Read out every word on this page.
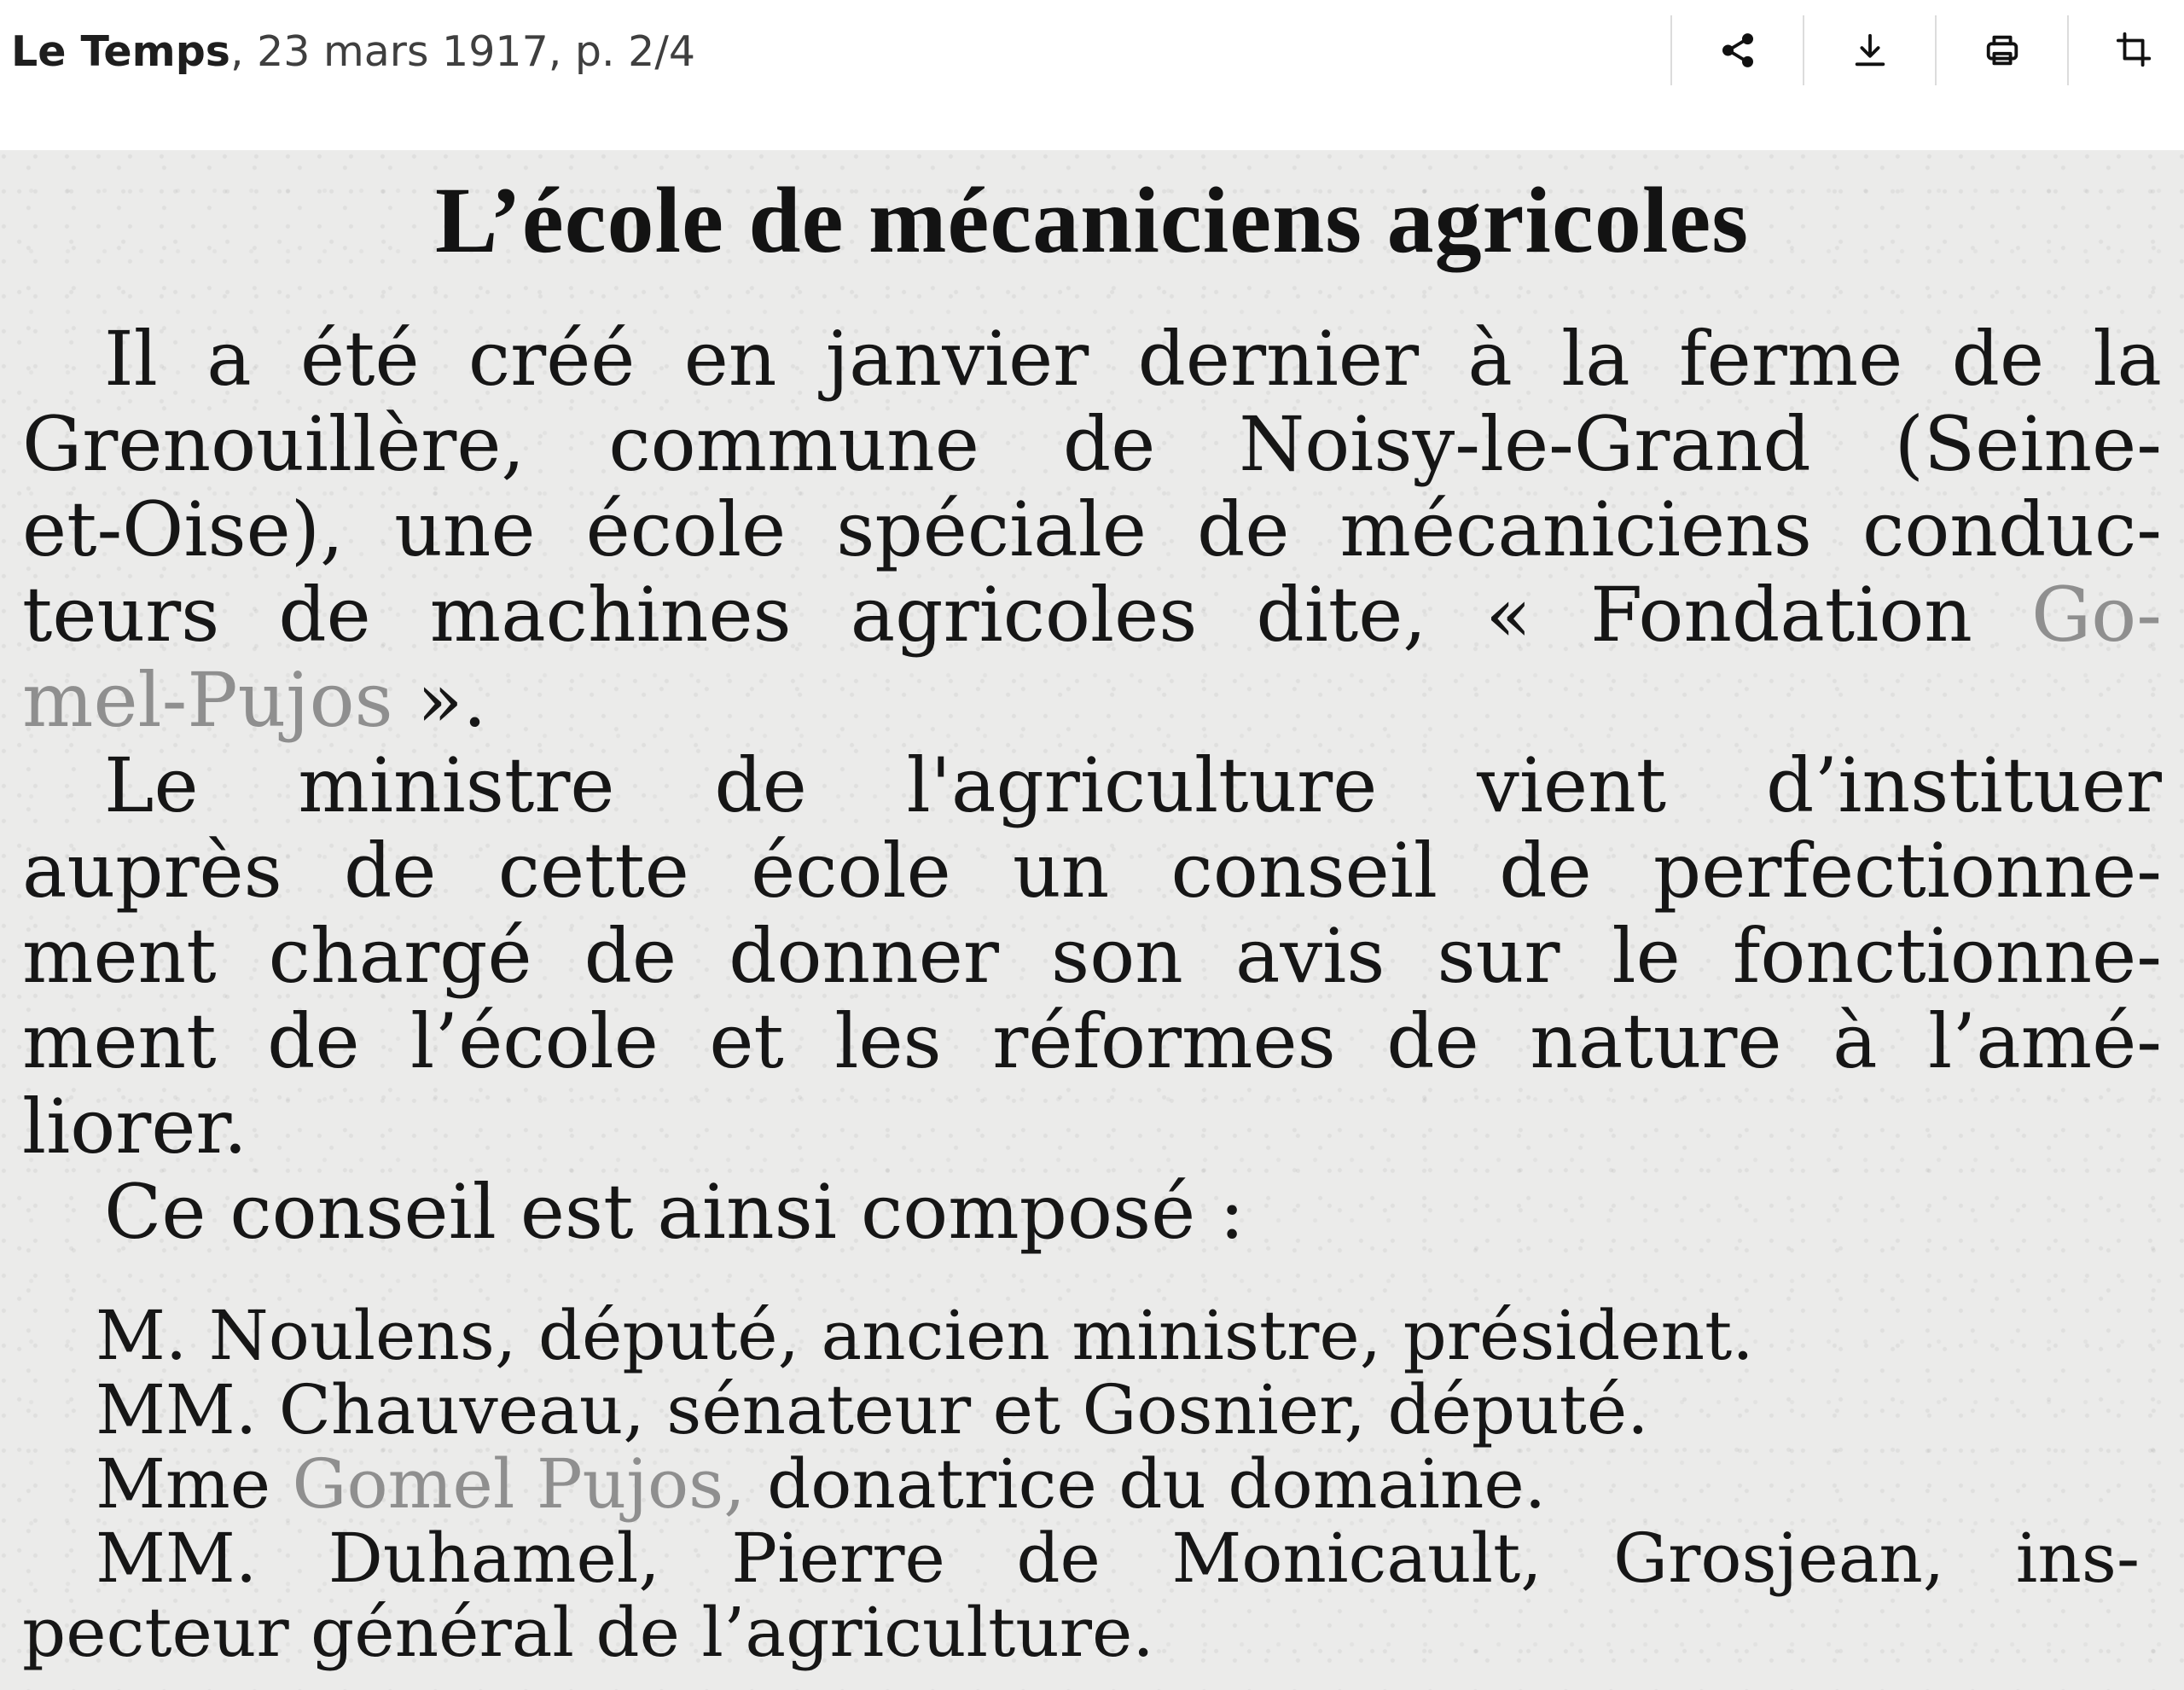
Le Temps, 23 mars 1917, p. 2/4
L’école de mécaniciens agricoles
Il a été créé en janvier dernier à la ferme de la
Grenouillère, commune de Noisy-le-Grand (Seine-
et-Oise), une école spéciale de mécaniciens conduc-
teurs de machines agricoles dite, « Fondation Go-
mel-Pujos ».
Le ministre de l'agriculture vient d’instituer
auprès de cette école un conseil de perfectionne-
ment chargé de donner son avis sur le fonctionne-
ment de l’école et les réformes de nature à l’amé-
liorer.
Ce conseil est ainsi composé :
M. Noulens, député, ancien ministre, président.
MM. Chauveau, sénateur et Gosnier, député.
Mme Gomel Pujos, donatrice du domaine.
MM. Duhamel, Pierre de Monicault, Grosjean, ins-
pecteur général de l’agriculture.
